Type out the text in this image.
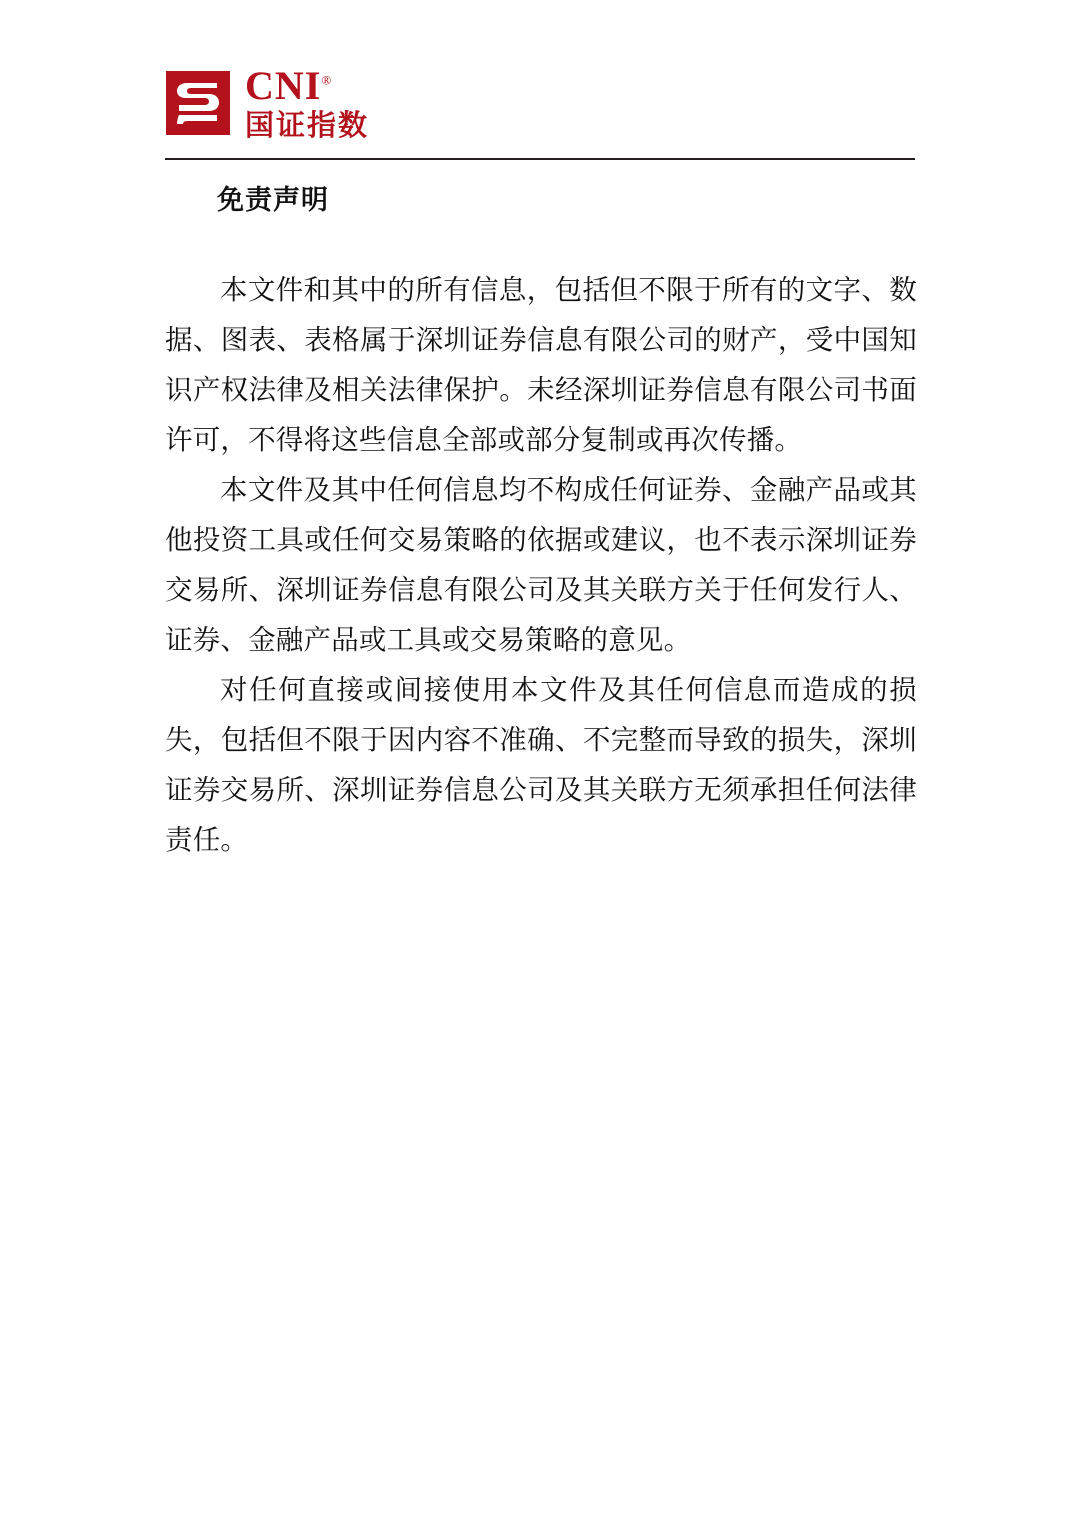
CNI®
国证指数
免责声明

本文件和其中的所有信息，包括但不限于所有的文字、数据、图表、表格属于深圳证券信息有限公司的财产，受中国知识产权法律及相关法律保护。未经深圳证券信息有限公司书面许可，不得将这些信息全部或部分复制或再次传播。

本文件及其中任何信息均不构成任何证券、金融产品或其他投资工具或任何交易策略的依据或建议，也不表示深圳证券交易所、深圳证券信息有限公司及其关联方关于任何发行人、证券、金融产品或工具或交易策略的意见。

对任何直接或间接使用本文件及其任何信息而造成的损失，包括但不限于因内容不准确、不完整而导致的损失，深圳证券交易所、深圳证券信息公司及其关联方无须承担任何法律责任。
